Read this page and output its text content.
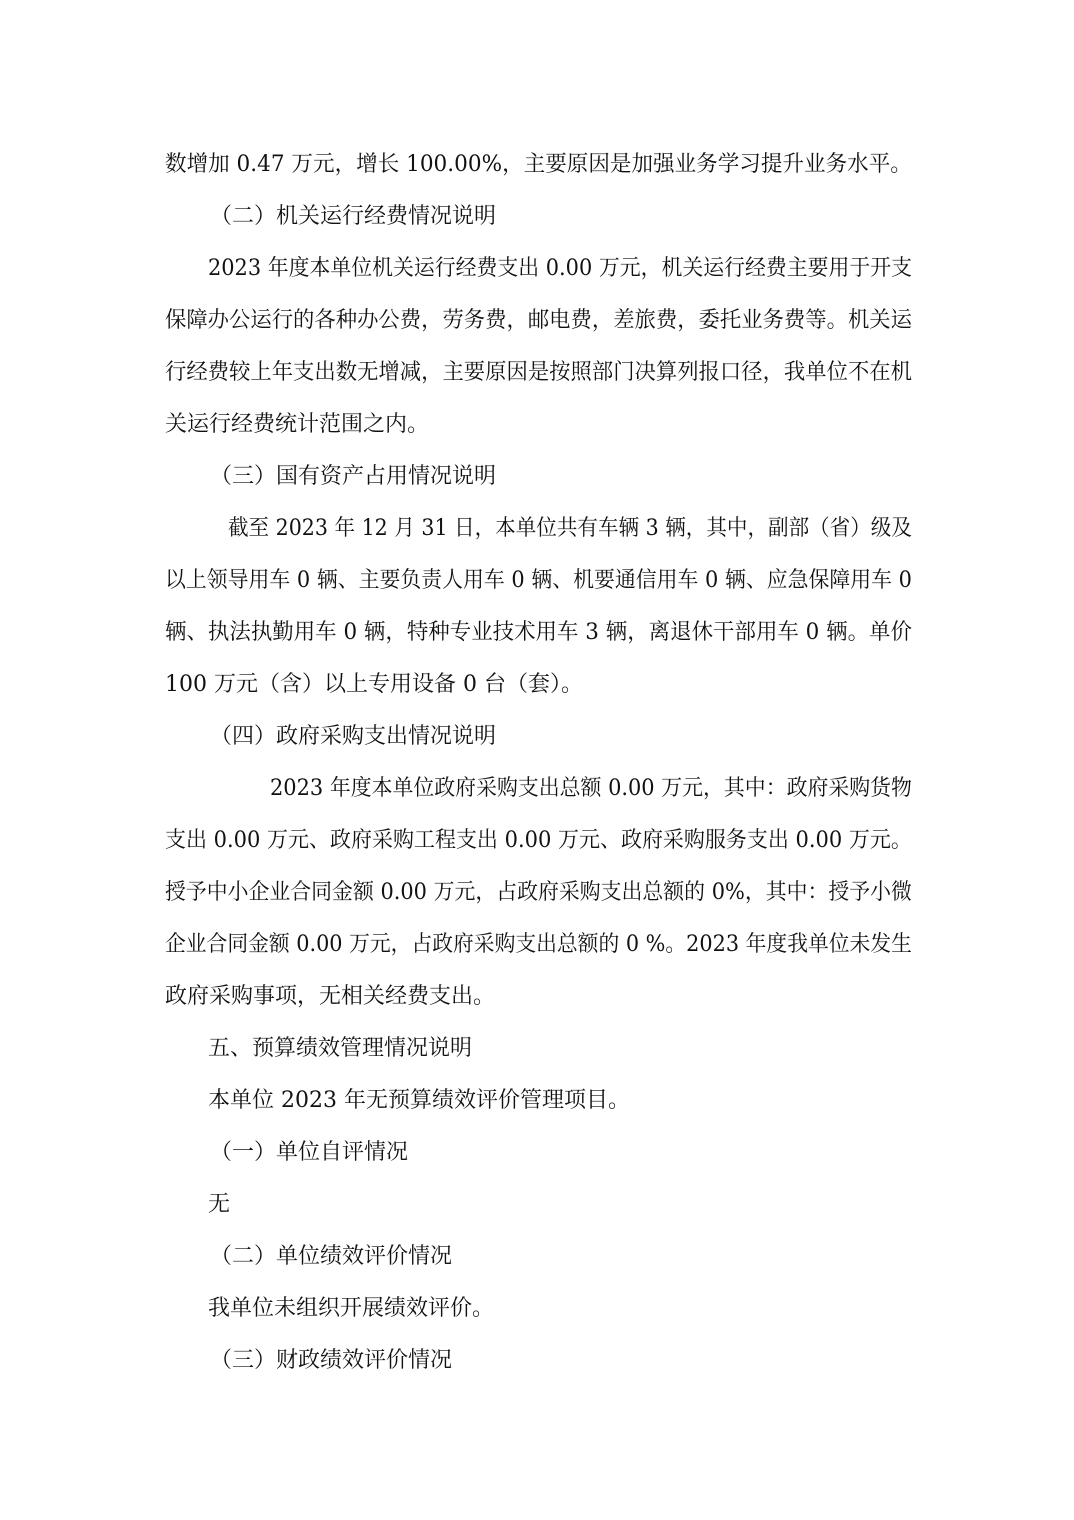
数增加 0.47 万元，增长 100.00%，主要原因是加强业务学习提升业务水平。
（二）机关运行经费情况说明
2023 年度本单位机关运行经费支出 0.00 万元，机关运行经费主要用于开支
保障办公运行的各种办公费，劳务费，邮电费，差旅费，委托业务费等。机关运
行经费较上年支出数无增减，主要原因是按照部门决算列报口径，我单位不在机
关运行经费统计范围之内。
（三）国有资产占用情况说明
截至 2023 年 12 月 31 日，本单位共有车辆 3 辆，其中，副部（省）级及
以上领导用车 0 辆、主要负责人用车 0 辆、机要通信用车 0 辆、应急保障用车 0
辆、执法执勤用车 0 辆，特种专业技术用车 3 辆，离退休干部用车 0 辆。单价
100 万元（含）以上专用设备 0 台（套）。
（四）政府采购支出情况说明
2023 年度本单位政府采购支出总额 0.00 万元，其中：政府采购货物
支出 0.00 万元、政府采购工程支出 0.00 万元、政府采购服务支出 0.00 万元。
授予中小企业合同金额 0.00 万元，占政府采购支出总额的 0%，其中：授予小微
企业合同金额 0.00 万元，占政府采购支出总额的 0 %。2023 年度我单位未发生
政府采购事项，无相关经费支出。
五、预算绩效管理情况说明
本单位 2023 年无预算绩效评价管理项目。
（一）单位自评情况
无
（二）单位绩效评价情况
我单位未组织开展绩效评价。
（三）财政绩效评价情况
